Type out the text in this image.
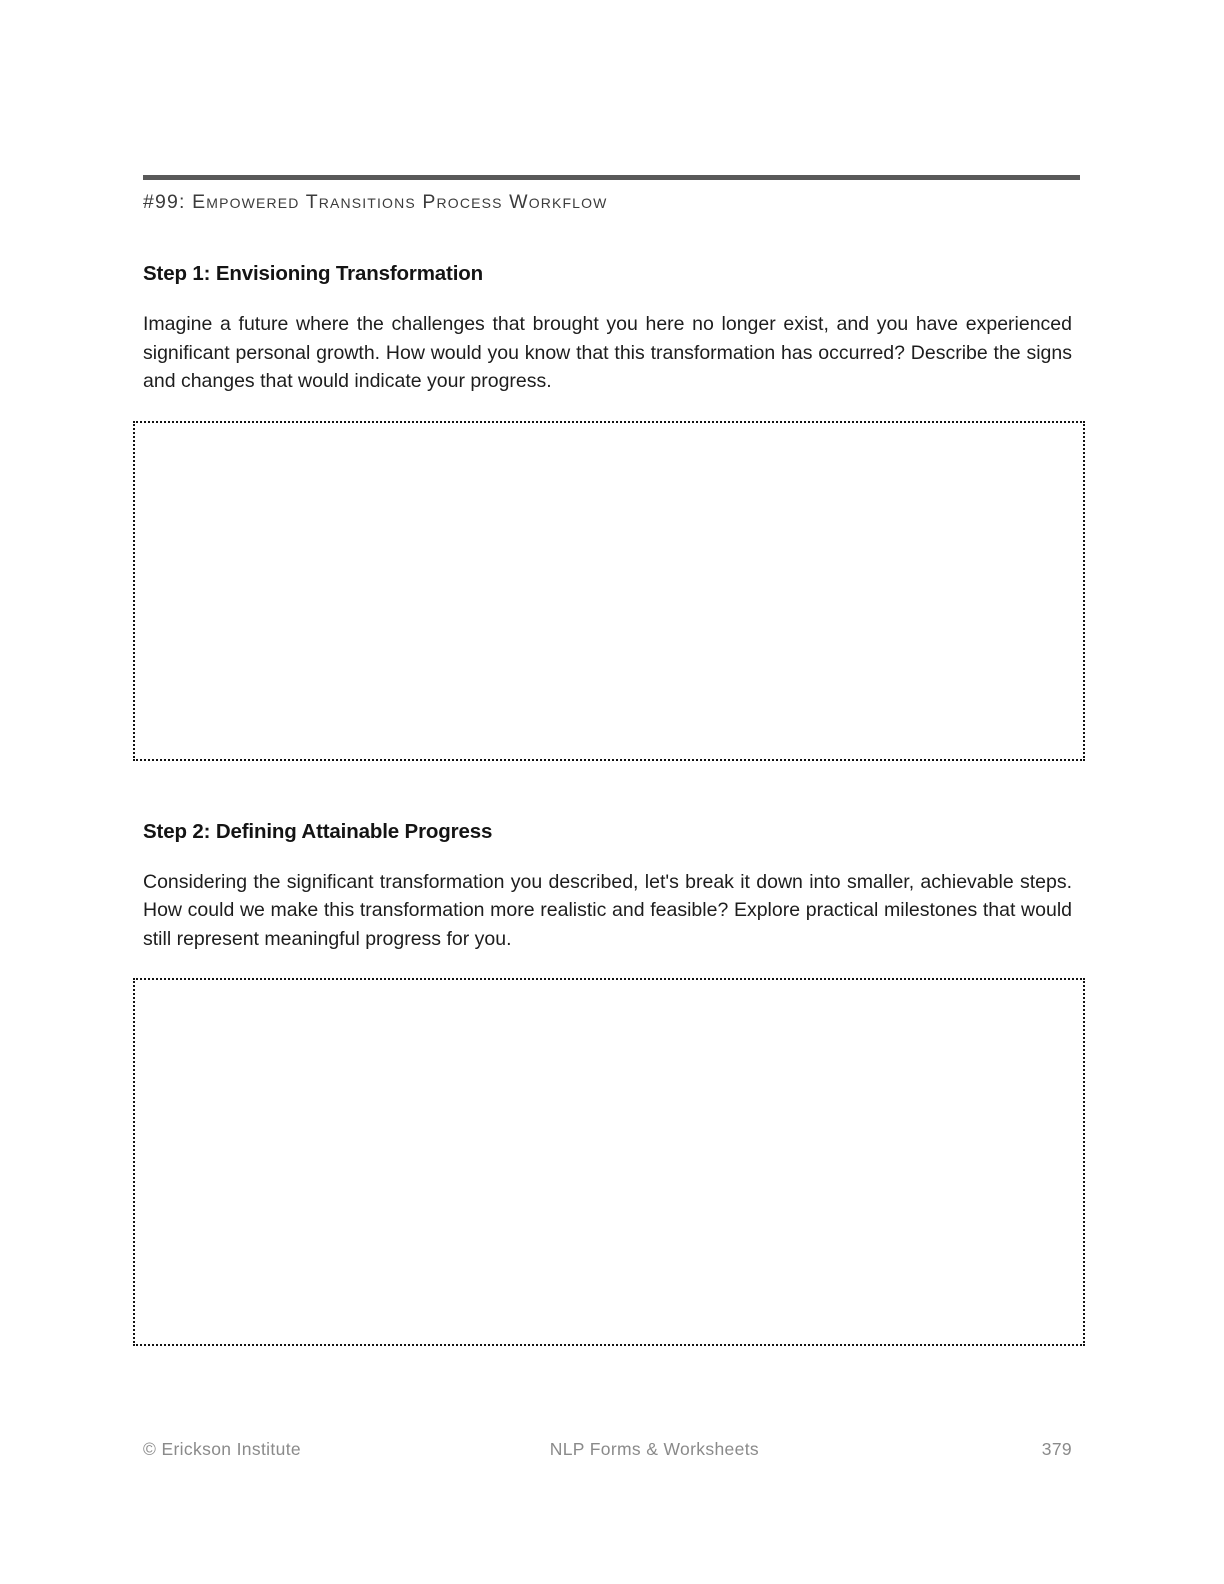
#99: Empowered Transitions Process Workflow
Step 1: Envisioning Transformation
Imagine a future where the challenges that brought you here no longer exist, and you have experienced significant personal growth. How would you know that this transformation has occurred? Describe the signs and changes that would indicate your progress.
Step 2: Defining Attainable Progress
Considering the significant transformation you described, let's break it down into smaller, achievable steps. How could we make this transformation more realistic and feasible? Explore practical milestones that would still represent meaningful progress for you.
© Erickson Institute	NLP Forms & Worksheets	379
